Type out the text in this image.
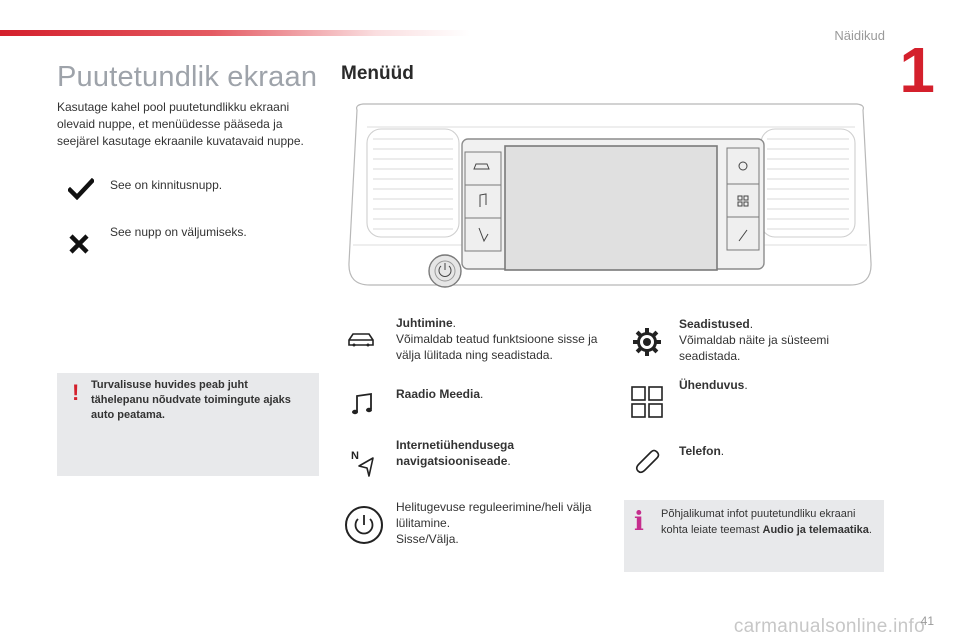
Näidikud 1
Puutetundlik ekraan
Kasutage kahel pool puutetundlikku ekraani olevaid nuppe, et menüüdesse pääseda ja seejärel kasutage ekraanile kuvatavaid nuppe.
See on kinnitusnupp.
See nupp on väljumiseks.
! Turvalisuse huvides peab juht tähelepanu nõudvate toimingute ajaks auto peatama.
Menüüd
Juhtimine.
Võimaldab teatud funktsioone sisse ja välja lülitada ning seadistada.
Raadio Meedia.
N
Internetiühendusega navigatsiooniseade.
Helitugevuse reguleerimine/heli välja lülitamine.
Sisse/Välja.
Seadistused.
Võimaldab näite ja süsteemi seadistada.
Ühenduvus.
Telefon.
i Põhjalikumat infot puutetundliku ekraani kohta leiate teemast Audio ja telemaatika.
carmanualsonline.info
41
